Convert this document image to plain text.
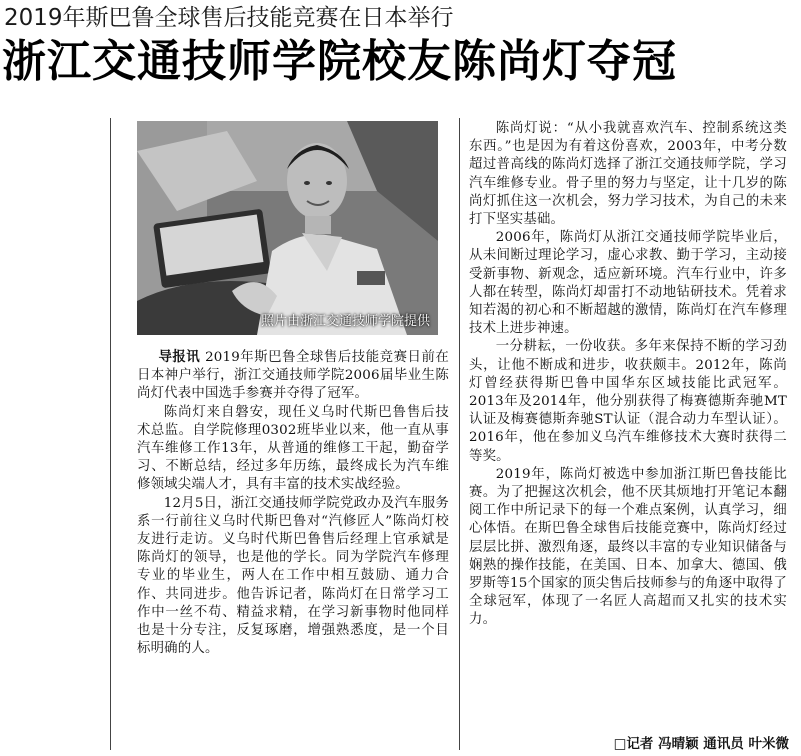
2019年斯巴鲁全球售后技能竞赛在日本举行
浙江交通技师学院校友陈尚灯夺冠
照片由浙江交通技师学院提供

导报讯 2019年斯巴鲁全球售后技能竞赛日前在日本神户举行，浙江交通技师学院2006届毕业生陈尚灯代表中国选手参赛并夺得了冠军。

陈尚灯来自磐安，现任义乌时代斯巴鲁售后技术总监。自学院修理0302班毕业以来，他一直从事汽车维修工作13年，从普通的维修工干起，勤奋学习、不断总结，经过多年历练，最终成长为汽车维修领域尖端人才，具有丰富的技术实战经验。

12月5日，浙江交通技师学院党政办及汽车服务系一行前往义乌时代斯巴鲁对“汽修匠人”陈尚灯校友进行走访。义乌时代斯巴鲁售后经理上官承斌是陈尚灯的领导，也是他的学长。同为学院汽车修理专业的毕业生，两人在工作中相互鼓励、通力合作、共同进步。他告诉记者，陈尚灯在日常学习工作中一丝不苟、精益求精，在学习新事物时他同样也是十分专注，反复琢磨，增强熟悉度，是一个目标明确的人。

陈尚灯说：“从小我就喜欢汽车、控制系统这类东西。”也是因为有着这份喜欢，2003年，中考分数超过普高线的陈尚灯选择了浙江交通技师学院，学习汽车维修专业。骨子里的努力与坚定，让十几岁的陈尚灯抓住这一次机会，努力学习技术，为自己的未来打下坚实基础。

2006年，陈尚灯从浙江交通技师学院毕业后，从未间断过理论学习，虚心求教、勤于学习，主动接受新事物、新观念，适应新环境。汽车行业中，许多人都在转型，陈尚灯却雷打不动地钻研技术。凭着求知若渴的初心和不断超越的激情，陈尚灯在汽车修理技术上进步神速。

一分耕耘，一份收获。多年来保持不断的学习劲头，让他不断成和进步，收获颇丰。2012年，陈尚灯曾经获得斯巴鲁中国华东区域技能比武冠军。2013年及2014年，他分别获得了梅赛德斯奔驰MT认证及梅赛德斯奔驰ST认证（混合动力车型认证）。2016年，他在参加义乌汽车维修技术大赛时获得二等奖。

2019年，陈尚灯被选中参加浙江斯巴鲁技能比赛。为了把握这次机会，他不厌其烦地打开笔记本翻阅工作中所记录下的每一个难点案例，认真学习，细心体悟。在斯巴鲁全球售后技能竞赛中，陈尚灯经过层层比拼、激烈角逐，最终以丰富的专业知识储备与娴熟的操作技能，在美国、日本、加拿大、德国、俄罗斯等15个国家的顶尖售后技师参与的角逐中取得了全球冠军，体现了一名匠人高超而又扎实的技术实力。

□记者 冯晴颖 通讯员 叶米微
